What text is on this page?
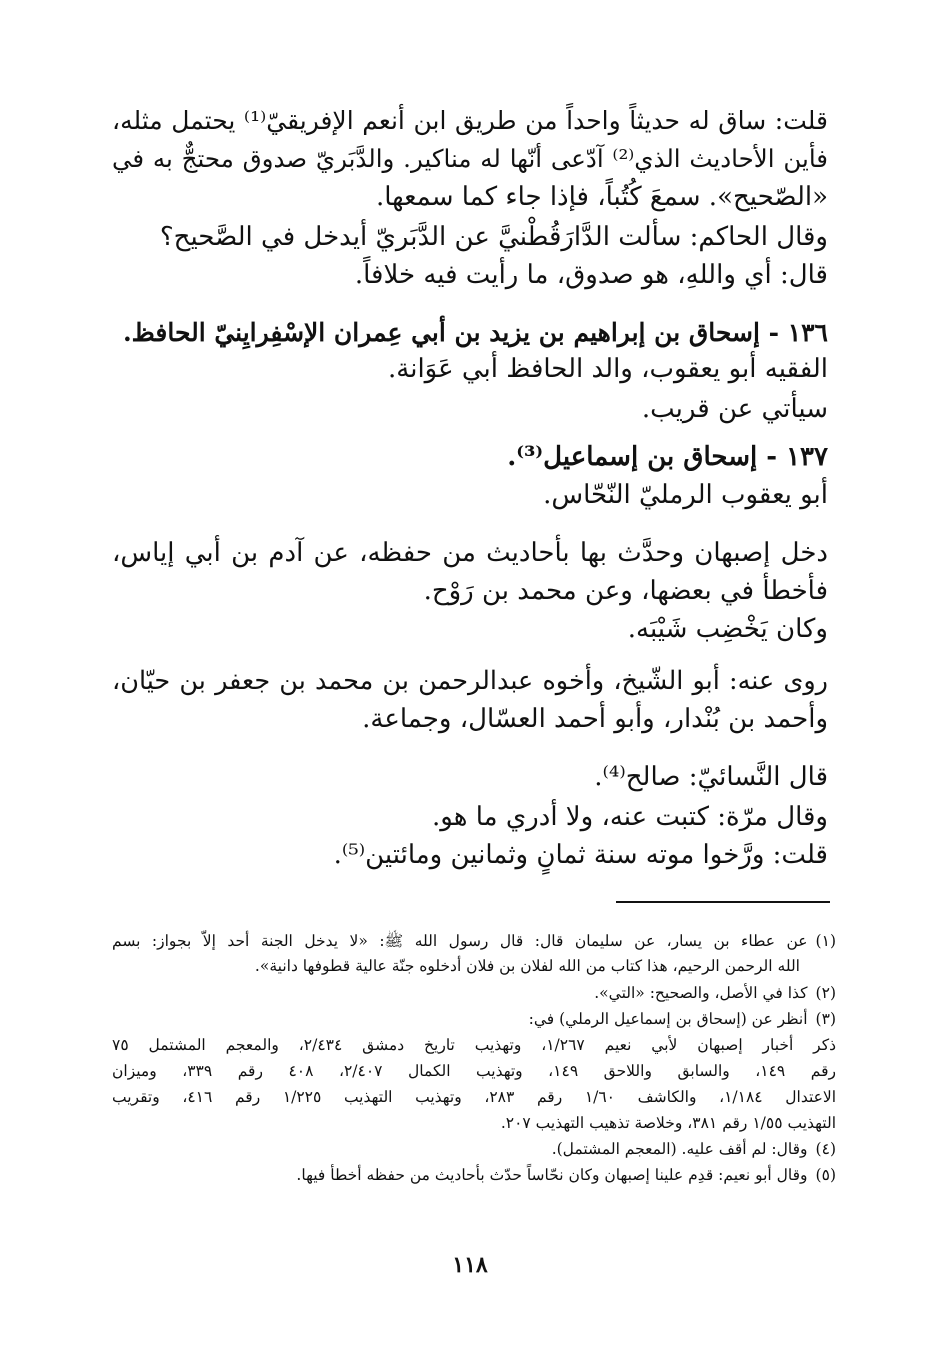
قلت: ساق له حديثاً واحداً من طريق ابن أنعم الإفريقيّ⁽¹⁾ يحتمل مثله،
فأين الأحاديث الذي⁽²⁾ آدّعى أنّها له مناكير. والدَّبَريّ صدوق محتجٌّ به في
«الصّحيح». سمعَ كُتُباً، فإذا جاء كما سمعها.
وقال الحاكم: سألت الدَّارَقُطْنيَّ عن الدَّبَريّ أيدخل في الصَّحيح؟
قال: أي واللهِ، هو صدوق، ما رأيت فيه خلافاً.
١٣٦ - إسحاق بن إبراهيم بن يزيد بن أبي عِمران الإسْفِرايِنيّ الحافظ.
الفقيه أبو يعقوب، والد الحافظ أبي عَوَانة.
سيأتي عن قريب.
١٣٧ - إسحاق بن إسماعيل⁽³⁾.
أبو يعقوب الرمليّ النّحّاس.
دخل إصبهان وحدَّث بها بأحاديث من حفظه، عن آدم بن أبي إياس،
فأخطأ في بعضها، وعن محمد بن رَوْح.
وكان يَخْضِب شَيْبَه.
روى عنه: أبو الشّيخ، وأخوه عبدالرحمن بن محمد بن جعفر بن حيّان،
وأحمد بن بُنْدار، وأبو أحمد العسّال، وجماعة.
قال النَّسائيّ: صالح⁽⁴⁾.
وقال مرّة: كتبت عنه، ولا أدري ما هو.
قلت: ورَّخوا موته سنة ثمانٍ وثمانين ومائتين⁽⁵⁾.
(١)عن عطاء بن يسار، عن سليمان قال: قال رسول الله ﷺ: «لا يدخل الجنة أحد إلاّ بجواز: بسم
الله الرحمن الرحيم، هذا كتاب من الله لفلان بن فلان أدخلوه جنّة عالية قطوفها دانية».
(٢)كذا في الأصل، والصحيح: «التي».
(٣)أنظر عن (إسحاق بن إسماعيل الرملي) في:
ذكر أخبار إصبهان لأبي نعيم ١/٢٦٧، وتهذيب تاريخ دمشق ٢/٤٣٤، والمعجم المشتمل ٧٥
رقم ١٤٩، والسابق واللاحق ١٤٩، وتهذيب الكمال ٢/٤٠٧، ٤٠٨ رقم ٣٣٩، وميزان
الاعتدال ١/١٨٤، والكاشف ١/٦٠ رقم ٢٨٣، وتهذيب التهذيب ١/٢٢٥ رقم ٤١٦، وتقريب
التهذيب ١/٥٥ رقم ٣٨١، وخلاصة تذهيب التهذيب ٢٠٧.
(٤)وقال: لم أقف عليه. (المعجم المشتمل).
(٥)وقال أبو نعيم: قدِم علينا إصبهان وكان نحّاساً حدّث بأحاديث من حفظه أخطأ فيها.
١١٨
